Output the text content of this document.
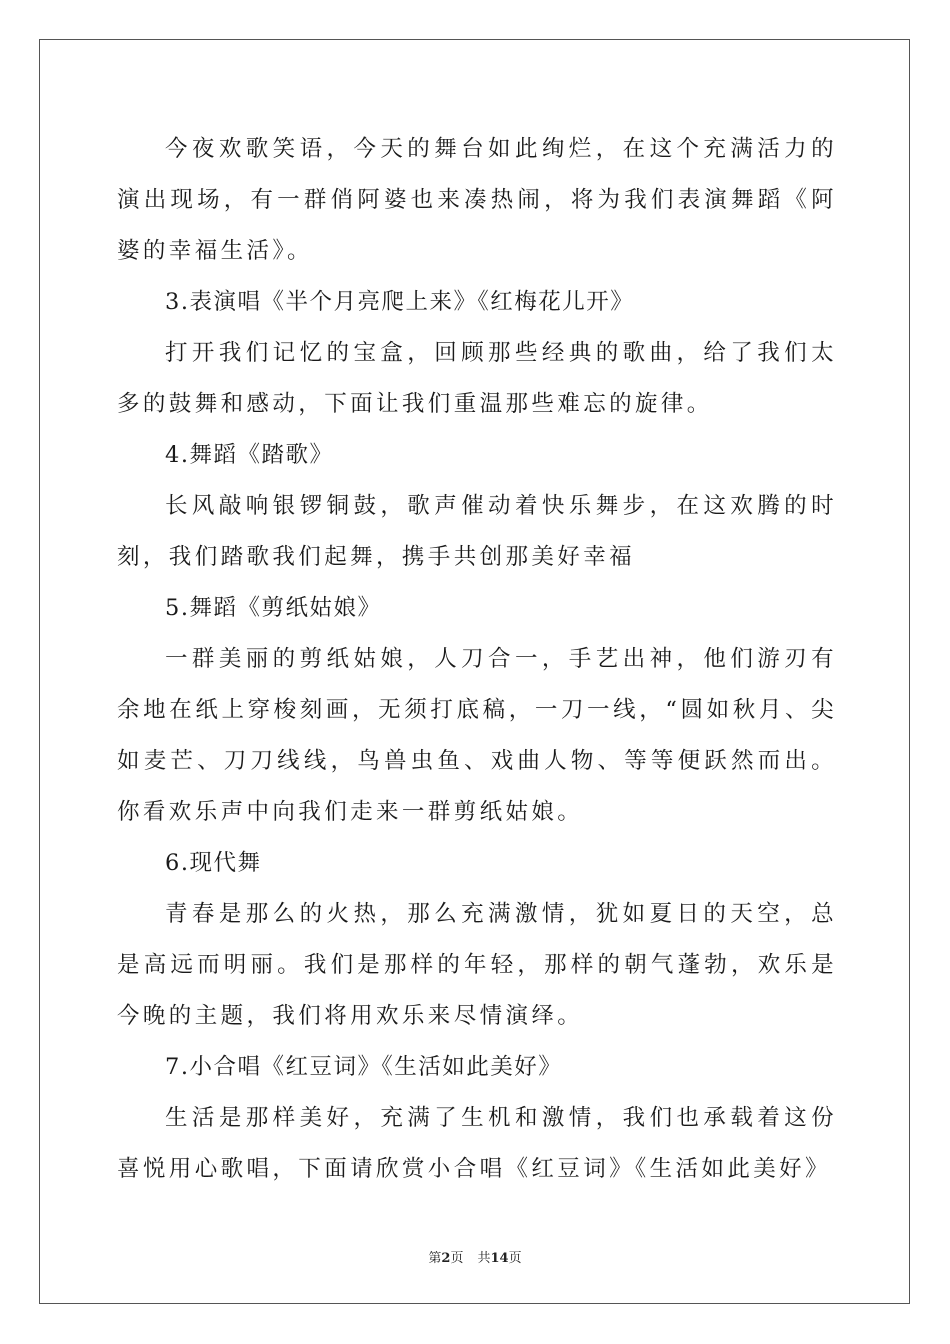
今夜欢歌笑语，今天的舞台如此绚烂，在这个充满活力的演出现场，有一群俏阿婆也来凑热闹，将为我们表演舞蹈《阿婆的幸福生活》。

3.表演唱《半个月亮爬上来》《红梅花儿开》

打开我们记忆的宝盒，回顾那些经典的歌曲，给了我们太多的鼓舞和感动，下面让我们重温那些难忘的旋律。

4.舞蹈《踏歌》

长风敲响银锣铜鼓，歌声催动着快乐舞步，在这欢腾的时刻，我们踏歌我们起舞，携手共创那美好幸福

5.舞蹈《剪纸姑娘》

一群美丽的剪纸姑娘，人刀合一，手艺出神，他们游刃有余地在纸上穿梭刻画，无须打底稿，一刀一线，“圆如秋月、尖如麦芒、刀刀线线，鸟兽虫鱼、戏曲人物、等等便跃然而出。你看欢乐声中向我们走来一群剪纸姑娘。

6.现代舞

青春是那么的火热，那么充满激情，犹如夏日的天空，总是高远而明丽。我们是那样的年轻，那样的朝气蓬勃，欢乐是今晚的主题，我们将用欢乐来尽情演绎。

7.小合唱《红豆词》《生活如此美好》

生活是那样美好，充满了生机和激情，我们也承载着这份喜悦用心歌唱，下面请欣赏小合唱《红豆词》《生活如此美好》

第2页 共14页
